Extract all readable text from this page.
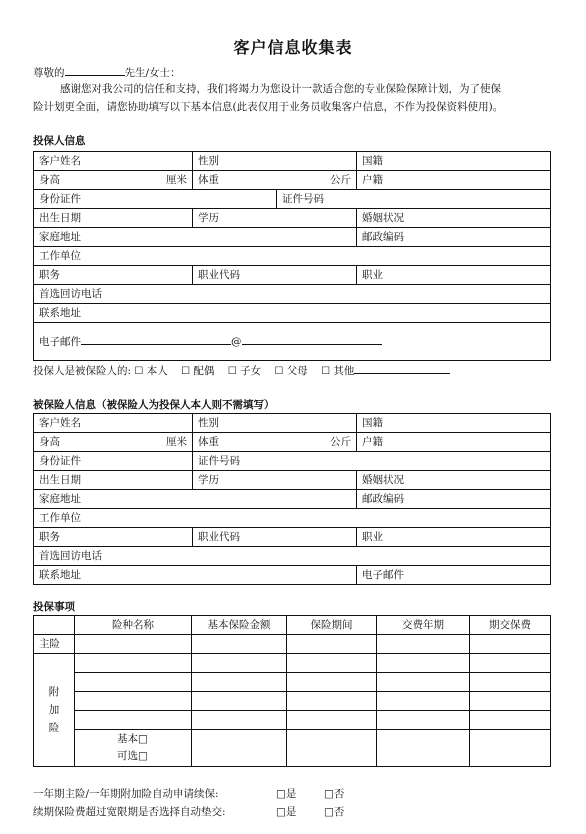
客户信息收集表
尊敬的	先生/女士：
感谢您对我公司的信任和支持，我们将竭力为您设计一款适合您的专业保险保障计划，为了使保
险计划更全面，请您协助填写以下基本信息(此表仅用于业务员收集客户信息，不作为投保资料使用)。
投保人信息
客户姓名	性别		国籍
身高 厘米	体重 公斤		户籍
身份证件		证件号码	
出生日期	学历		婚姻状况
家庭地址			邮政编码
工作单位			
职务	职业代码		职业
首选回访电话			
联系地址			
电子邮件 @			
投保人是被保险人的: ☐ 本人 ☐ 配偶 ☐ 子女 ☐ 父母 ☐ 其他
被保险人信息（被保险人为投保人本人则不需填写）
客户姓名	性别	国籍
身高 厘米	体重 公斤	户籍
身份证件	证件号码	
出生日期	学历	婚姻状况
家庭地址		邮政编码
工作单位		
职务	职业代码	职业
首选回访电话		
联系地址		电子邮件
投保事项
	险种名称	基本保险金额	保险期间	交费年期	期交保费
主险					

附
加
险					

	基本□
可选□				

一年期主险/一年期附加险自动申请续保:	□是	□否
续期保险费超过宽限期是否选择自动垫交:	□是	□否
